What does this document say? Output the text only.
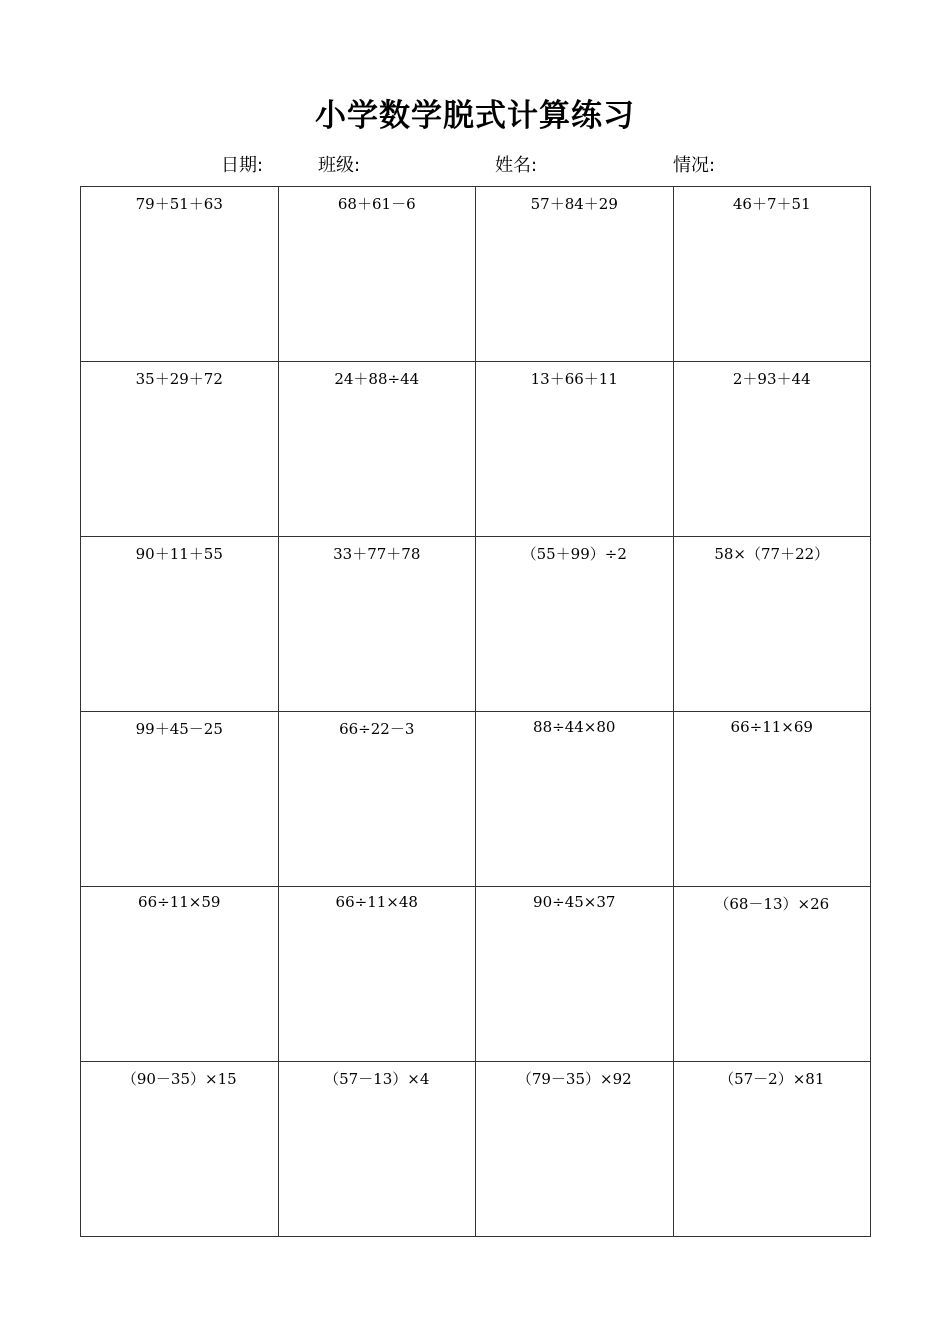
小学数学脱式计算练习
日期:	班级:	姓名:	情况:
79＋51＋63	68＋61－6	57＋84＋29	46＋7＋51
35＋29＋72	24＋88÷44	13＋66＋11	2＋93＋44
90＋11＋55	33＋77＋78	（55＋99）÷2	58×（77＋22）
99＋45－25	66÷22－3	88÷44×80	66÷11×69
66÷11×59	66÷11×48	90÷45×37	（68－13）×26
（90－35）×15	（57－13）×4	（79－35）×92	（57－2）×81
